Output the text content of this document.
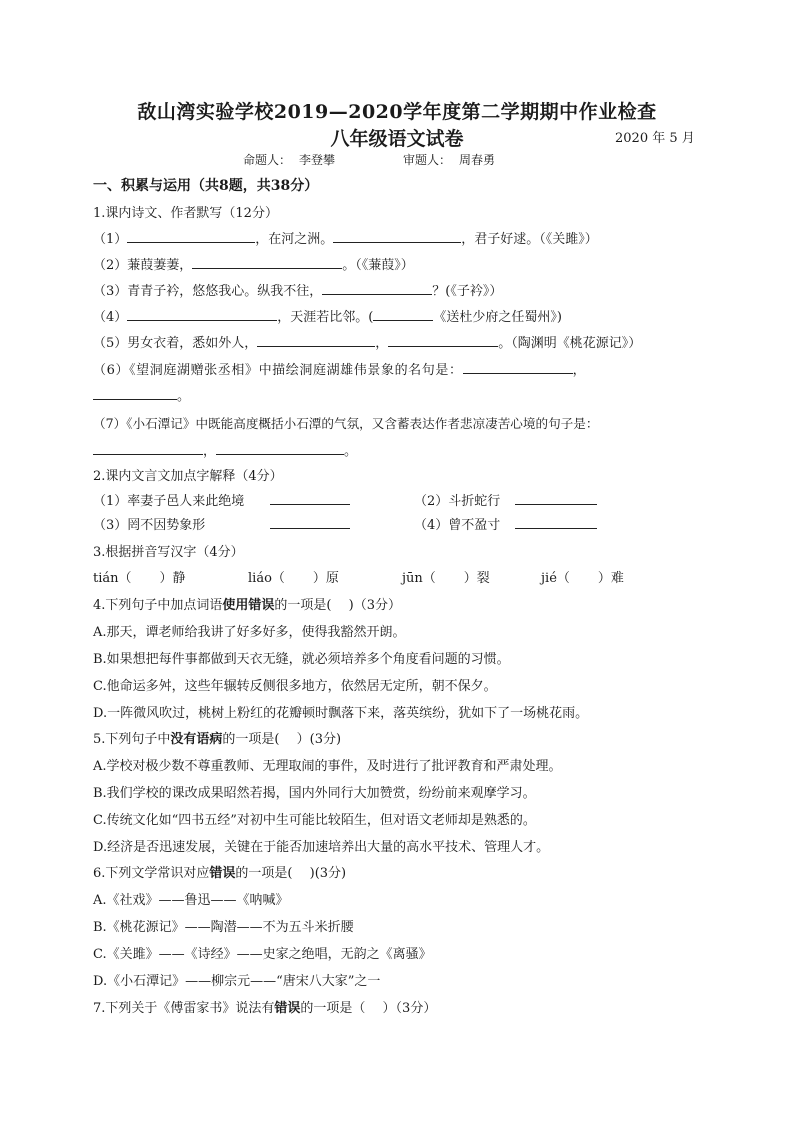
敌山湾实验学校2019—2020学年度第二学期期中作业检查
八年级语文试卷	2020 年 5 月
命题人： 李登攀	审题人： 周春勇
一、积累与运用（共8题，共38分）
1.课内诗文、作者默写（12分）
（1）	，在河之洲。	，君子好逑。（《关雎》）
（2）蒹葭萋萋，	。（《蒹葭》）
（3）青青子衿，悠悠我心。纵我不往，	？(《子衿》）
（4）	，天涯若比邻。(	《送杜少府之任蜀州》)
（5）男女衣着，悉如外人，	，	。（陶渊明《桃花源记》）
（6）《望洞庭湖赠张丞相》中描绘洞庭湖雄伟景象的名句是：	，
。
（7）《小石潭记》中既能高度概括小石潭的气氛，又含蓄表达作者悲凉凄苦心境的句子是：
，	。
2.课内文言文加点字解释（4分）
（1）率妻子邑人来此绝境	（2）斗折蛇行
（3）罔不因势象形	（4）曾不盈寸
3.根据拼音写汉字（4分）
tián（ ）静	liáo（ ）原	jūn（ ）裂	jié（ ）难
4.下列句子中加点词语使用错误的一项是(　 )（3分）
A.那天，谭老师给我讲了好多好多，使得我豁然开朗。
B.如果想把每件事都做到天衣无缝，就必须培养多个角度看问题的习惯。
C.他命运多舛，这些年辗转反侧很多地方，依然居无定所，朝不保夕。
D.一阵微风吹过，桃树上粉红的花瓣顿时飘落下来，落英缤纷，犹如下了一场桃花雨。
5.下列句子中没有语病的一项是(　 ）(3分)
A.学校对极少数不尊重教师、无理取闹的事件，及时进行了批评教育和严肃处理。
B.我们学校的课改成果昭然若揭，国内外同行大加赞赏，纷纷前来观摩学习。
C.传统文化如“四书五经”对初中生可能比较陌生，但对语文老师却是熟悉的。
D.经济是否迅速发展，关键在于能否加速培养出大量的高水平技术、管理人才。
6.下列文学常识对应错误的一项是(　 )(3分)
A.《社戏》——鲁迅——《呐喊》
B.《桃花源记》——陶潜——不为五斗米折腰
C.《关雎》——《诗经》——史家之绝唱，无韵之《离骚》
D.《小石潭记》——柳宗元——“唐宋八大家”之一
7.下列关于《傅雷家书》说法有错误的一项是（　 ）（3分）
